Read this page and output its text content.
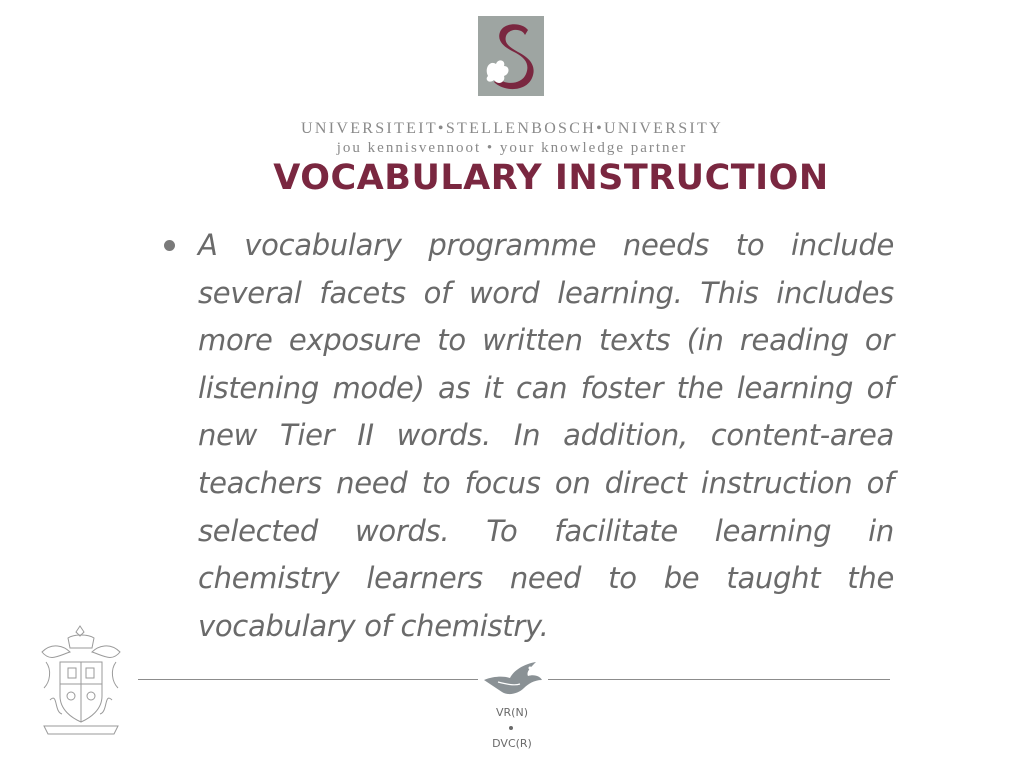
UNIVERSITEIT•STELLENBOSCH•UNIVERSITY
jou kennisvennoot • your knowledge partner
VOCABULARY INSTRUCTION
A vocabulary programme needs to include several facets of word learning. This includes more exposure to written texts (in reading or listening mode) as it can foster the learning of new Tier II words. In addition, content-area teachers need to focus on direct instruction of selected words. To facilitate learning in chemistry learners need to be taught the vocabulary of chemistry.
VR(N)
DVC(R)
